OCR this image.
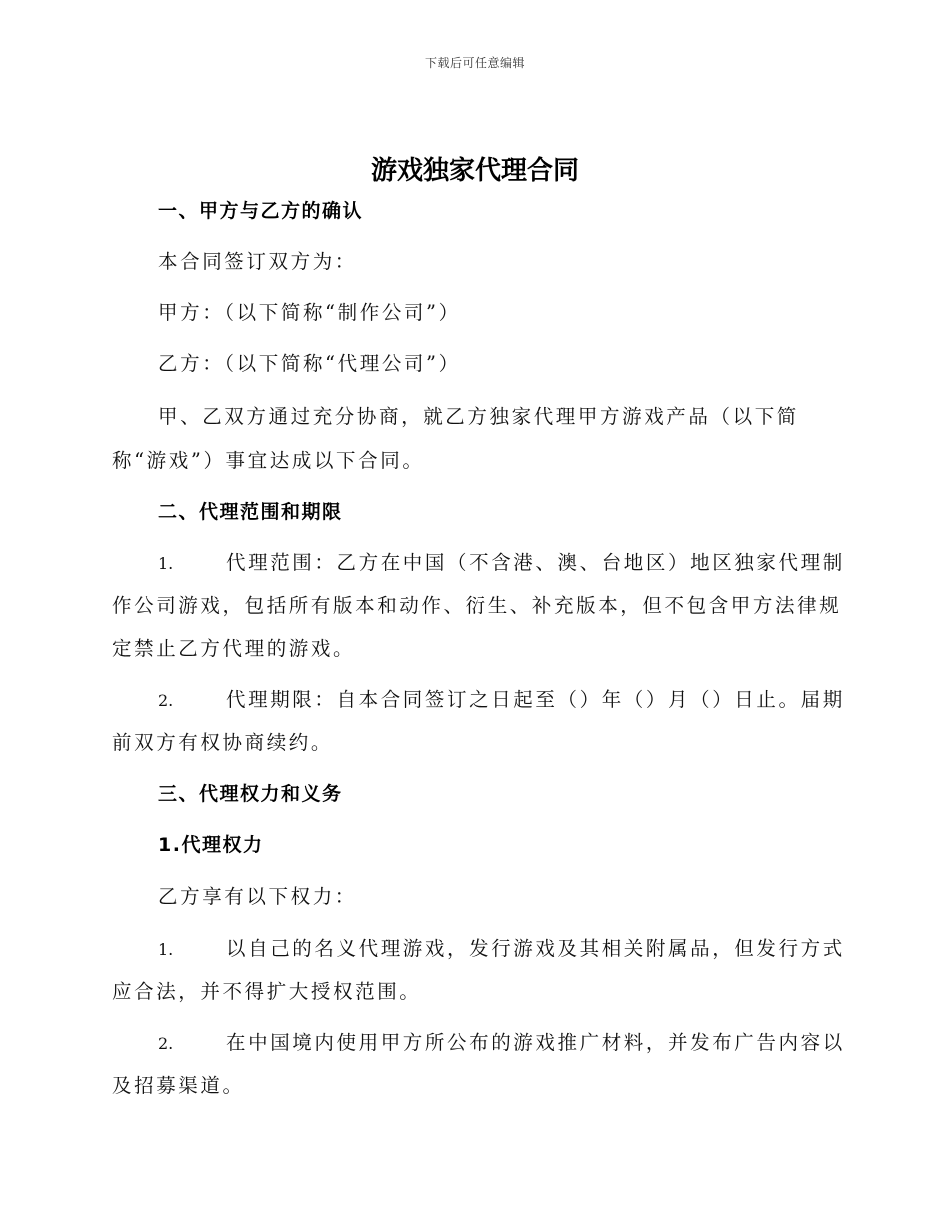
下载后可任意编辑
游戏独家代理合同
一、甲方与乙方的确认
本合同签订双方为：
甲方：（以下简称“制作公司”）
乙方：（以下简称“代理公司”）
甲、乙双方通过充分协商，就乙方独家代理甲方游戏产品（以下简
称“游戏”）事宜达成以下合同。
二、代理范围和期限
1.	代理范围：乙方在中国（不含港、澳、台地区）地区独家代理制
作公司游戏，包括所有版本和动作、衍生、补充版本，但不包含甲方法律规
定禁止乙方代理的游戏。
2.	代理期限：自本合同签订之日起至（）年（）月（）日止。届期
前双方有权协商续约。
三、代理权力和义务
1.代理权力
乙方享有以下权力：
1.	以自己的名义代理游戏，发行游戏及其相关附属品，但发行方式
应合法，并不得扩大授权范围。
2.	在中国境内使用甲方所公布的游戏推广材料，并发布广告内容以
及招募渠道。
